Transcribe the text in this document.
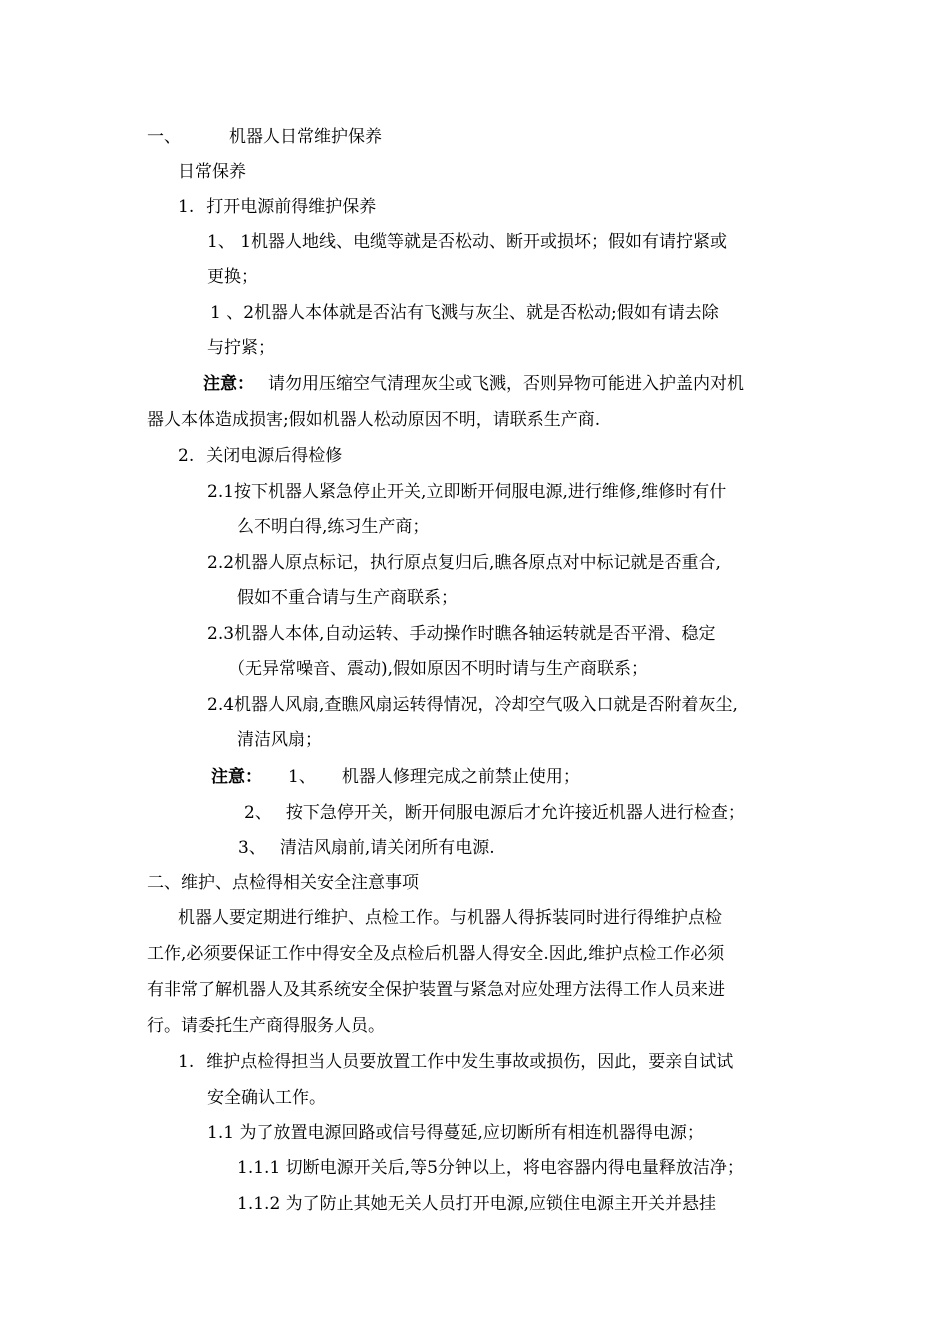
一、	机器人日常维护保养
日常保养
1. 打开电源前得维护保养
1、 1机器人地线、电缆等就是否松动、断开或损坏；假如有请拧紧或
更换；
1 、2机器人本体就是否沾有飞溅与灰尘、就是否松动;假如有请去除
与拧紧；
注意： 请勿用压缩空气清理灰尘或飞溅，否则异物可能进入护盖内对机
器人本体造成损害;假如机器人松动原因不明，请联系生产商.
2. 关闭电源后得检修
2.1按下机器人紧急停止开关,立即断开伺服电源,进行维修,维修时有什
么不明白得,练习生产商；
2.2机器人原点标记，执行原点复归后,瞧各原点对中标记就是否重合,
假如不重合请与生产商联系；
2.3机器人本体,自动运转、手动操作时瞧各轴运转就是否平滑、稳定
（无异常噪音、震动),假如原因不明时请与生产商联系；
2.4机器人风扇,查瞧风扇运转得情况，冷却空气吸入口就是否附着灰尘,
清洁风扇；
注意： 1、 机器人修理完成之前禁止使用；
2、 按下急停开关，断开伺服电源后才允许接近机器人进行检查；
3、 清洁风扇前,请关闭所有电源.
二、维护、点检得相关安全注意事项
机器人要定期进行维护、点检工作。与机器人得拆装同时进行得维护点检
工作,必须要保证工作中得安全及点检后机器人得安全.因此,维护点检工作必须
有非常了解机器人及其系统安全保护装置与紧急对应处理方法得工作人员来进
行。请委托生产商得服务人员。
1. 维护点检得担当人员要放置工作中发生事故或损伤，因此，要亲自试试
安全确认工作。
1.1 为了放置电源回路或信号得蔓延,应切断所有相连机器得电源；
1.1.1 切断电源开关后,等5分钟以上，将电容器内得电量释放洁净；
1.1.2 为了防止其她无关人员打开电源,应锁住电源主开关并悬挂
